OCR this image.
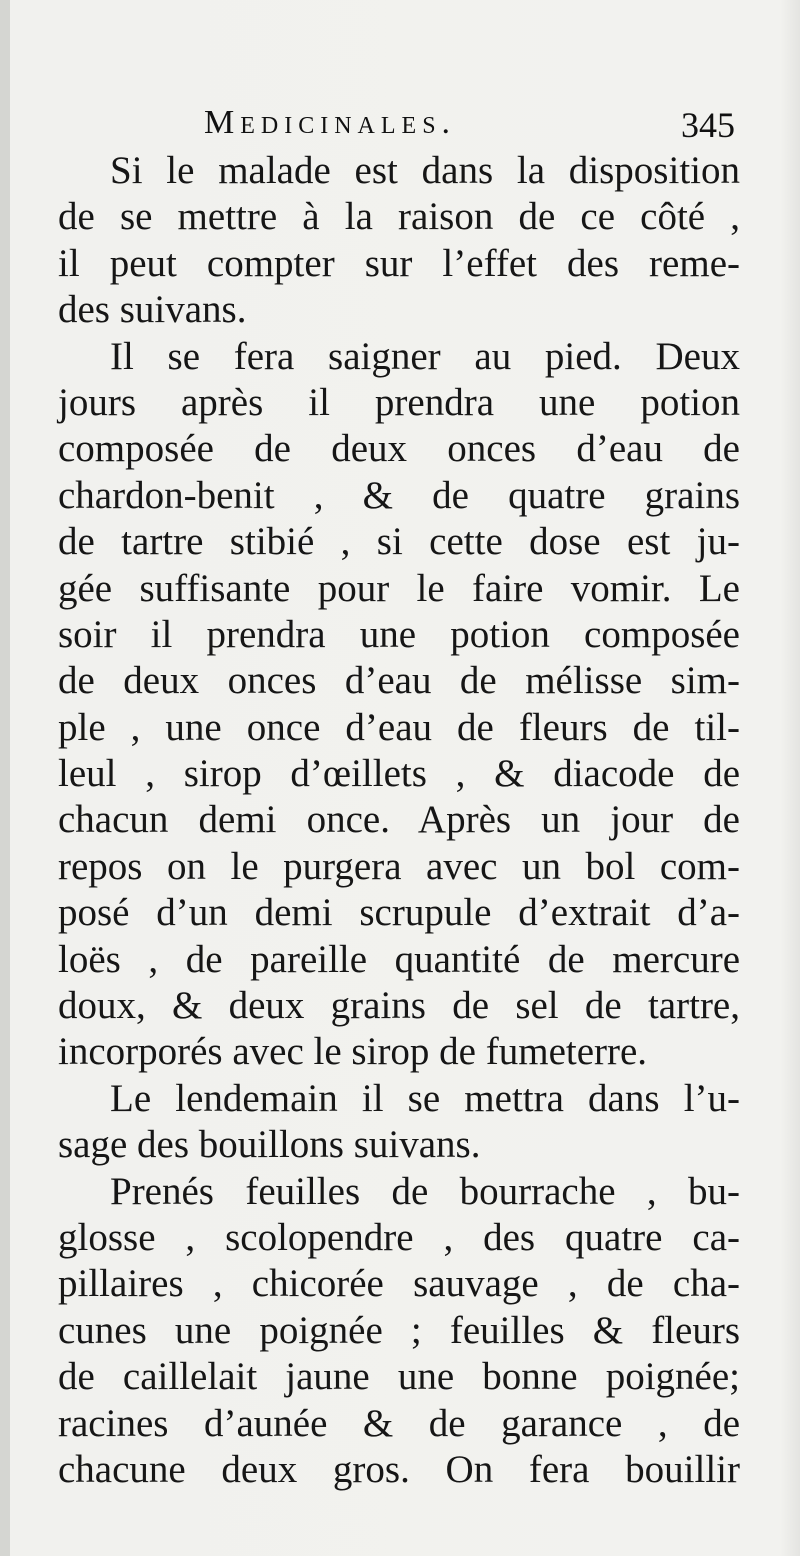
Medicinales.	345
Si le malade est dans la disposition
de se mettre à la raison de ce côté ,
il peut compter sur l’effet des reme-
des suivans.
Il se fera saigner au pied. Deux
jours après il prendra une potion
composée de deux onces d’eau de
chardon-benit , & de quatre grains
de tartre stibié , si cette dose est ju-
gée suffisante pour le faire vomir. Le
soir il prendra une potion composée
de deux onces d’eau de mélisse sim-
ple , une once d’eau de fleurs de til-
leul , sirop d’œillets , & diacode de
chacun demi once. Après un jour de
repos on le purgera avec un bol com-
posé d’un demi scrupule d’extrait d’a-
loës , de pareille quantité de mercure
doux, & deux grains de sel de tartre,
incorporés avec le sirop de fumeterre.
Le lendemain il se mettra dans l’u-
sage des bouillons suivans.
Prenés feuilles de bourrache , bu-
glosse , scolopendre , des quatre ca-
pillaires , chicorée sauvage , de cha-
cunes une poignée ; feuilles & fleurs
de caillelait jaune une bonne poignée;
racines d’aunée & de garance , de
chacune deux gros. On fera bouillir
